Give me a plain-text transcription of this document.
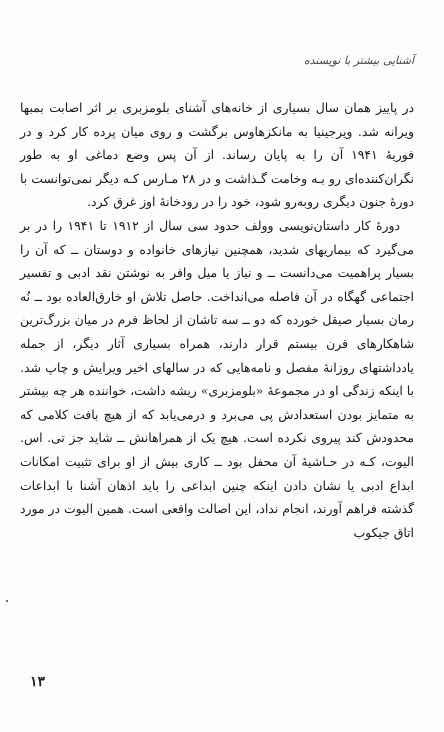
آشنایی بیشتر با نویسنده

در پاییز همان سال بسیاری از خانه‌های آشنای بلومزبری بر اثر اصابت بمبها ویرانه شد. ویرجینیا به مانکزهاوس برگشت و روی میان پرده کار کرد و در فوریهٔ ۱۹۴۱ آن را به پایان رساند. از آن پس وضع دماغی او به طور نگران‌کننده‌ای رو بـه وخامت گـذاشت و در ۲۸ مـارس کـه دیگر نمی‌توانست با دورهٔ جنون دیگری روبه‌رو شود، خود را در رودخانهٔ اوز غرق کرد.

دورهٔ کار داستان‌نویسی وولف حدود سی سال از ۱۹۱۲ تا ۱۹۴۱ را در بر می‌گیرد که بیماریهای شدید، همچنین نیازهای خانواده و دوستان ــ که آن را بسیار پراهمیت می‌دانست ــ و نیاز یا میل وافر به نوشتن نقد ادبی و تفسیر اجتماعی گهگاه در آن فاصله می‌انداخت. حاصل تلاش او خارق‌العاده بود ــ نُه رمان بسیار صیقل خورده که دو ــ سه تاشان از لحاظ فرم در میان بزرگ‌ترین شاهکارهای قرن بیستم قرار دارند، همراه بسیاری آثار دیگر، از جمله یادداشتهای روزانهٔ مفصل و نامه‌هایی که در سالهای اخیر ویرایش و چاپ شد. با اینکه زندگی او در مجموعهٔ «بلومزبری» ریشه داشت، خواننده هر چه بیشتر به متمایز بودن استعدادش پی می‌برد و درمی‌یابد که از هیچ بافت کلامی که محدودش کند پیروی نکرده است. هیچ یک از همراهانش ــ شاید جز تی. اس. الیوت، کـه در حـاشیهٔ آن محفل بود ــ کاری بیش از او برای تثبیت امکانات ابداع ادبی یا نشان دادن اینکه چنین ابداعی را باید اذهان آشنا با ابداعات گذشته فراهم آورند، انجام نداد، این اصالت واقعی است. همین الیوت در مورد اتاق جیکوب

۱۳
